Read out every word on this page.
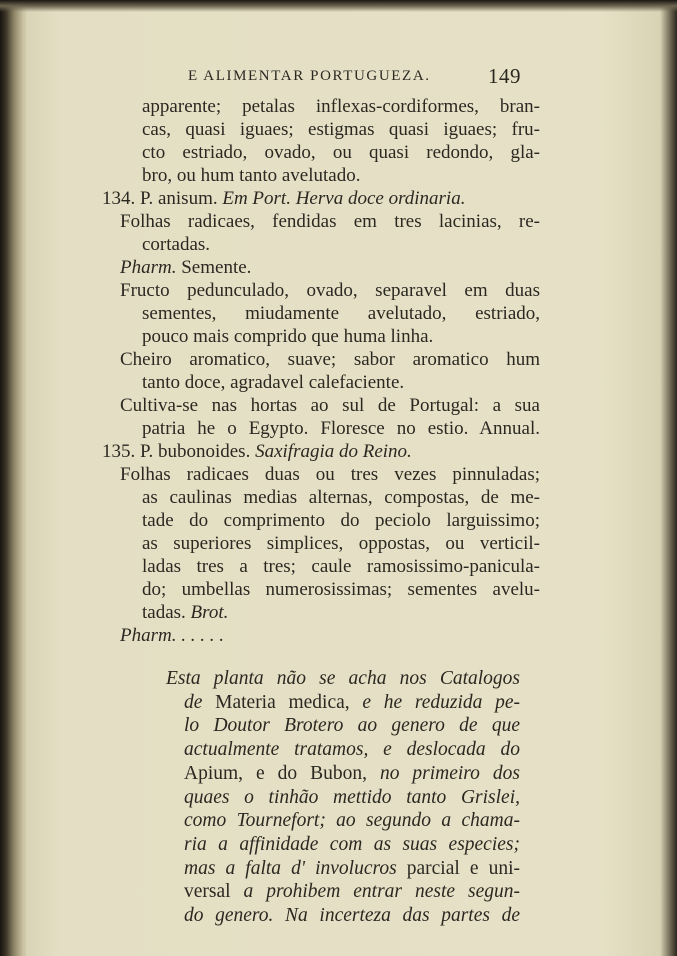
E ALIMENTAR PORTUGUEZA.	149
apparente; petalas inflexas-cordiformes, bran-
cas, quasi iguaes; estigmas quasi iguaes; fru-
cto estriado, ovado, ou quasi redondo, gla-
bro, ou hum tanto avelutado.
134. P. anisum. Em Port. Herva doce ordinaria.
Folhas radicaes, fendidas em tres lacinias, re-
cortadas.
Pharm. Semente.
Fructo pedunculado, ovado, separavel em duas
sementes, miudamente avelutado, estriado,
pouco mais comprido que huma linha.
Cheiro aromatico, suave; sabor aromatico hum
tanto doce, agradavel calefaciente.
Cultiva-se nas hortas ao sul de Portugal: a sua
patria he o Egypto. Floresce no estio. Annual.
135. P. bubonoides. Saxifragia do Reino.
Folhas radicaes duas ou tres vezes pinnuladas;
as caulinas medias alternas, compostas, de me-
tade do comprimento do peciolo larguissimo;
as superiores simplices, oppostas, ou verticil-
ladas tres a tres; caule ramosissimo-panicula-
do; umbellas numerosissimas; sementes avelu-
tadas. Brot.
Pharm. . . . . .
Esta planta não se acha nos Catalogos
de Materia medica, e he reduzida pe-
lo Doutor Brotero ao genero de que
actualmente tratamos, e deslocada do
Apium, e do Bubon, no primeiro dos
quaes o tinhão mettido tanto Grislei,
como Tournefort; ao segundo a chama-
ria a affinidade com as suas especies;
mas a falta d' involucros parcial e uni-
versal a prohibem entrar neste segun-
do genero. Na incerteza das partes de
